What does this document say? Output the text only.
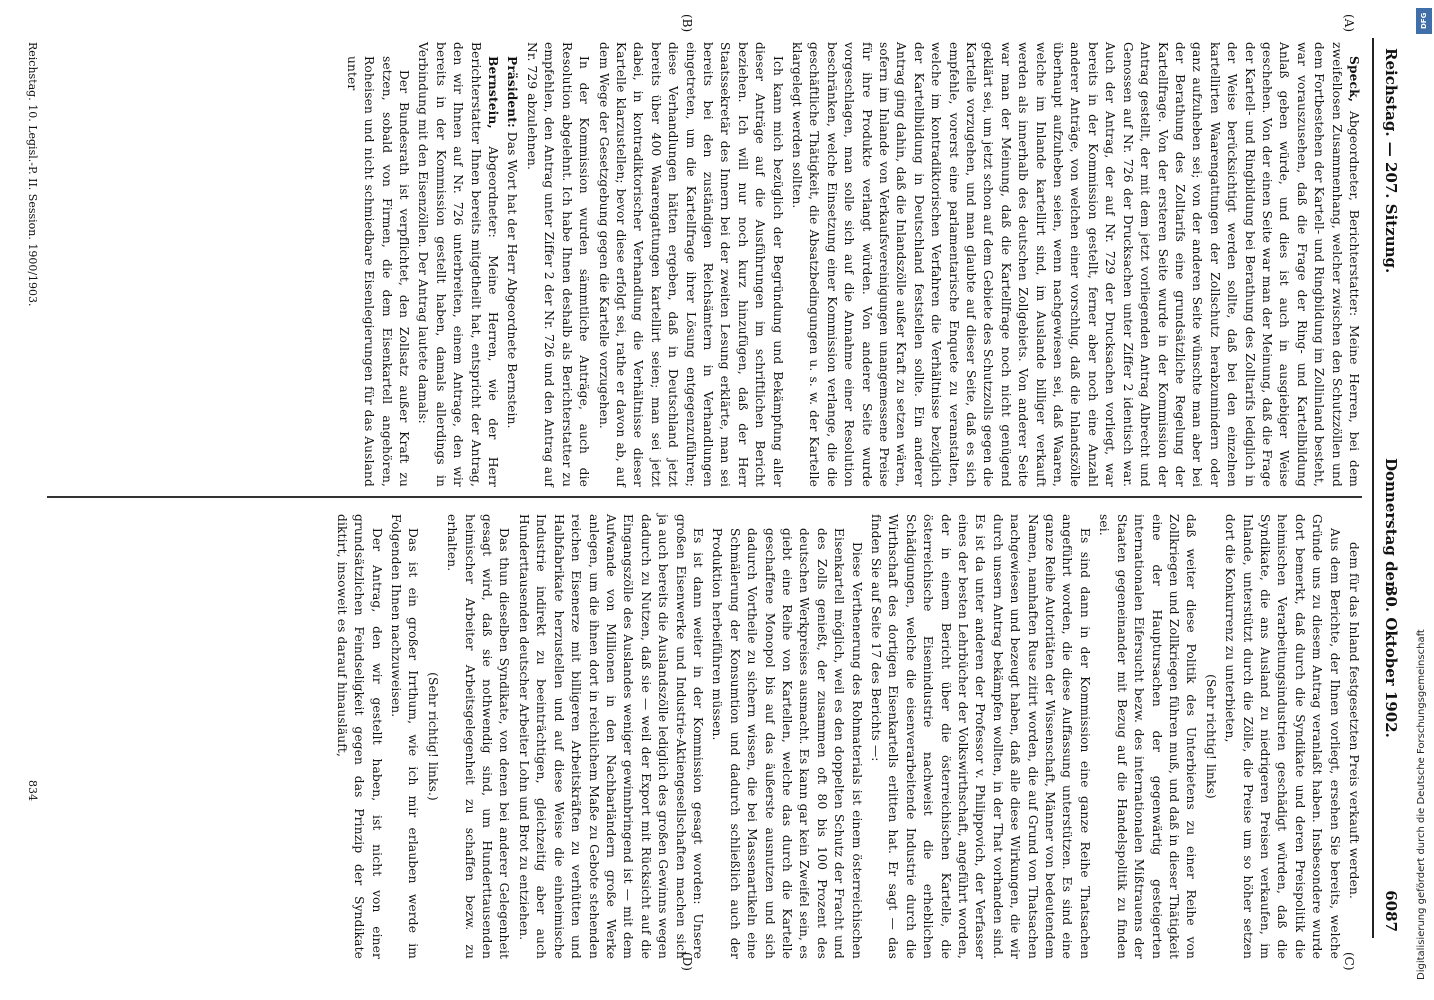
Reichstag. — 207. Sitzung.
Donnerstag den
30. Oktober 1902.
6087
(A)
(B)
(C)
(D)

Speck, Abgeordneter, Berichterstatter: Meine Herren, bei dem zweifellosen Zusammenhang, welcher zwischen den Schutzzöllen und dem Fortbestehen der Kartell- und Ringbildung im Zollinland besteht, war vorauszusehen, daß die Frage der Ring- und Kartellbildung Anlaß geben würde, und dies ist auch in ausgiebiger Weise geschehen. Von der einen Seite war man der Meinung, daß die Frage der Kartell- und Ringbildung bei Berathung des Zolltarifs lediglich in der Weise berücksichtigt werden sollte, daß bei den einzelnen kartellirten Waarengattungen der Zollschutz herabzumindern oder ganz aufzuheben sei; von der anderen Seite wünschte man aber bei der Berathung des Zolltarifs eine grundsätzliche Regelung der Kartellfrage. Von der ersteren Seite wurde in der Kommission der Antrag gestellt, der mit dem jetzt vorliegenden Antrag Albrecht und Genossen auf Nr. 726 der Drucksachen unter Ziffer 2 identisch war. Auch der Antrag, der auf Nr. 729 der Drucksachen vorliegt, war bereits in der Kommission gestellt, ferner aber noch eine Anzahl anderer Anträge, von welchen einer vorschlug, daß die Inlandszölle überhaupt aufzuheben seien, wenn nachgewiesen sei, daß Waaren, welche im Inlande kartellirt sind, im Auslande billiger verkauft werden als innerhalb des deutschen Zollgebiets. Von anderer Seite war man der Meinung, daß die Kartellfrage noch nicht genügend geklärt sei, um jetzt schon auf dem Gebiete des Schutzzolls gegen die Kartelle vorzugehen, und man glaubte auf dieser Seite, daß es sich empfehle, vorerst eine parlamentarische Enquete zu veranstalten, welche im kontradiktorischen Verfahren die Verhältnisse bezüglich der Kartellbildung in Deutschland feststellen sollte. Ein anderer Antrag ging dahin, daß die Inlandszölle außer Kraft zu setzen wären, sofern im Inlande von Verkaufsvereinigungen unangemessene Preise für ihre Produkte verlangt würden. Von anderer Seite wurde vorgeschlagen, man solle sich auf die Annahme einer Resolution beschränken, welche Einsetzung einer Kommission verlange, die die geschäftliche Thätigkeit, die Absatzbedingungen u. s. w. der Kartelle klargelegt werden sollten.

Ich kann mich bezüglich der Begründung und Bekämpfung aller dieser Anträge auf die Ausführungen im schriftlichen Bericht beziehen. Ich will nur noch kurz hinzufügen, daß der Herr Staatssekretär des Innern bei der zweiten Lesung erklärte, man sei bereits bei den zuständigen Reichsämtern in Verhandlungen eingetreten, um die Kartellfrage ihrer Lösung entgegenzuführen; diese Verhandlungen hätten ergeben, daß in Deutschland jetzt bereits über 400 Waarengattungen kartellirt seien; man sei jetzt dabei, in kontradiktorischer Verhandlung die Verhältnisse dieser Kartelle klarzustellen; bevor diese erfolgt sei, rathe er davon ab, auf dem Wege der Gesetzgebung gegen die Kartelle vorzugehen.

In der Kommission wurden sämmtliche Anträge, auch die Resolution abgelehnt. Ich habe Ihnen deshalb als Berichterstatter zu empfehlen, den Antrag unter Ziffer 2 der Nr. 726 und den Antrag auf Nr. 729 abzulehnen.

Präsident: Das Wort hat der Herr Abgeordnete Bernstein.

Bernstein, Abgeordneter: Meine Herren, wie der Herr Berichterstatter Ihnen bereits mitgetheilt hat, entspricht der Antrag, den wir Ihnen auf Nr. 726 unterbreiten, einem Antrage, den wir bereits in der Kommission gestellt haben, damals allerdings in Verbindung mit den Eisenzöllen. Der Antrag lautete damals:

Der Bundesrath ist verpflichtet, den Zollsatz außer Kraft zu setzen, sobald von Firmen, die dem Eisenkartell angehören, Roheisen und nicht schmiedbare Eisenlegierungen für das Ausland unter

dem für das Inland festgesetzten Preis verkauft werden.

Aus dem Berichte, der Ihnen vorliegt, ersehen Sie bereits, welche Gründe uns zu diesem Antrag veranlaßt haben. Insbesondere wurde dort bemerkt, daß durch die Syndikate und deren Preispolitik die heimischen Verarbeitungsindustrien geschädigt würden, daß die Syndikate, die ans Ausland zu niedrigeren Preisen verkaufen, im Inlande, unterstützt durch die Zölle, die Preise um so höher setzen dort die Konkurrenz zu unterbieten,

(Sehr richtig! links)

daß weiter diese Politik des Unterbietens zu einer Reihe von Zollkriegen und Zollkriegen führen muß, und daß in dieser Thätigkeit eine der Hauptursachen der gegenwärtig gesteigerten internationalen Eifersucht bezw. des internationalen Mißtrauens der Staaten gegeneinander mit Bezug auf die Handelspolitik zu finden sei.

Es sind dann in der Kommission eine ganze Reihe Thatsachen angeführt worden, die diese Auffassung unterstützen. Es sind eine ganze Reihe Autoritäten der Wissenschaft, Männer von bedeutendem Namen, namhaften Ruse zitirt worden, die auf Grund von Thatsachen nachgewiesen und bezeugt haben, daß alle diese Wirkungen, die wir durch unsern Antrag bekämpfen wollten, in der That vorhanden sind. Es ist da unter anderen der Professor v. Philippovich, der Verfasser eines der besten Lehrbücher der Volkswirthschaft, angeführt worden, der in einem Bericht über die österreichischen Kartelle, die österreichische Eisenindustrie nachweist die erheblichen Schädigungen, welche die eisenverarbeitende Industrie durch die Wirthschaft des dortigen Eisenkartells erlitten hat. Er sagt — das finden Sie auf Seite 17 des Berichts —:

Diese Verthenerung des Rohmaterials ist einem österreichischen Eisenkartell möglich, weil es den doppelten Schutz der Fracht und des Zolls genießt, der zusammen oft 80 bis 100 Prozent des deutschen Werkpreises ausmacht. Es kann gar kein Zweifel sein, es giebt eine Reihe von Kartellen, welche das durch die Kartelle geschaffene Monopol bis auf das äußerste ausnutzen und sich dadurch Vortheile zu sichern wissen, die bei Massenartikeln eine Schmälerung der Konsumtion und dadurch schließlich auch der Produktion herbeiführen müssen.

Es ist dann weiter in der Kommission gesagt worden: Unsere großen Eisenwerke und Industrie-Aktiengesellschaften machen sich ja auch bereits die Auslandszölle lediglich des großen Gewinns wegen dadurch zu Nutzen, daß sie — weil der Export mit Rücksicht auf die Eingangszölle des Auslandes weniger gewinnbringend ist — mit dem Aufwande von Millionen in den Nachbarländern große Werke anlegen, um die ihnen dort in reichlichem Maße zu Gebote stehenden reichen Eisenerze mit billigeren Arbeitskräften zu verhütten und Halbfabrikate herzustellen und auf diese Weise die einheimische Industrie indirekt zu beeinträchtigen, gleichzeitig aber auch Hunderttausenden deutscher Arbeiter Lohn und Brot zu entziehen.

Das thun dieselben Syndikate, von denen bei anderer Gelegenheit gesagt wird, daß sie nothwendig sind, um Hunderttausenden heimischer Arbeiter Arbeitsgelegenheit zu schaffen bezw. zu erhalten.

(Sehr richtig! links.)

Das ist ein großer Irrthum, wie ich mir erlauben werde im Folgenden Ihnen nachzuweisen.

Der Antrag, den wir gestellt haben, ist nicht von einer grundsätzlichen Feindseligkeit gegen das Prinzip der Syndikate diktirt, insoweit es darauf hinausläuft,

Reichstag. 10. Legisl.-P. II. Session. 1900/1903.
834
DFG
Digitalisierung gefördert durch die Deutsche Forschungsgemeinschaft
